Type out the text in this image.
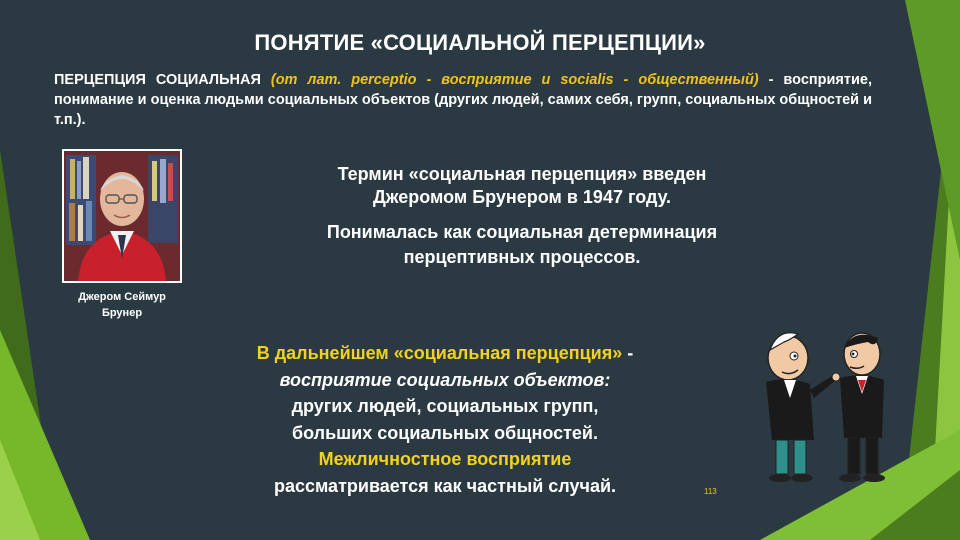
ПОНЯТИЕ «СОЦИАЛЬНОЙ ПЕРЦЕПЦИИ»
ПЕРЦЕПЦИЯ СОЦИАЛЬНАЯ (от лат. perceptio - восприятие и socialis - общественный) - восприятие, понимание и оценка людьми социальных объектов (других людей, самих себя, групп, социальных общностей и т.п.).
Джером Сеймур
Брунер
Термин «социальная перцепция» введен
Джеромом Брунером в 1947 году.
Понималась как социальная детерминация
перцептивных процессов.
В дальнейшем «социальная перцепция» -
восприятие социальных объектов:
других людей, социальных групп,
больших социальных общностей.
Межличностное восприятие
рассматривается как частный случай.	113
